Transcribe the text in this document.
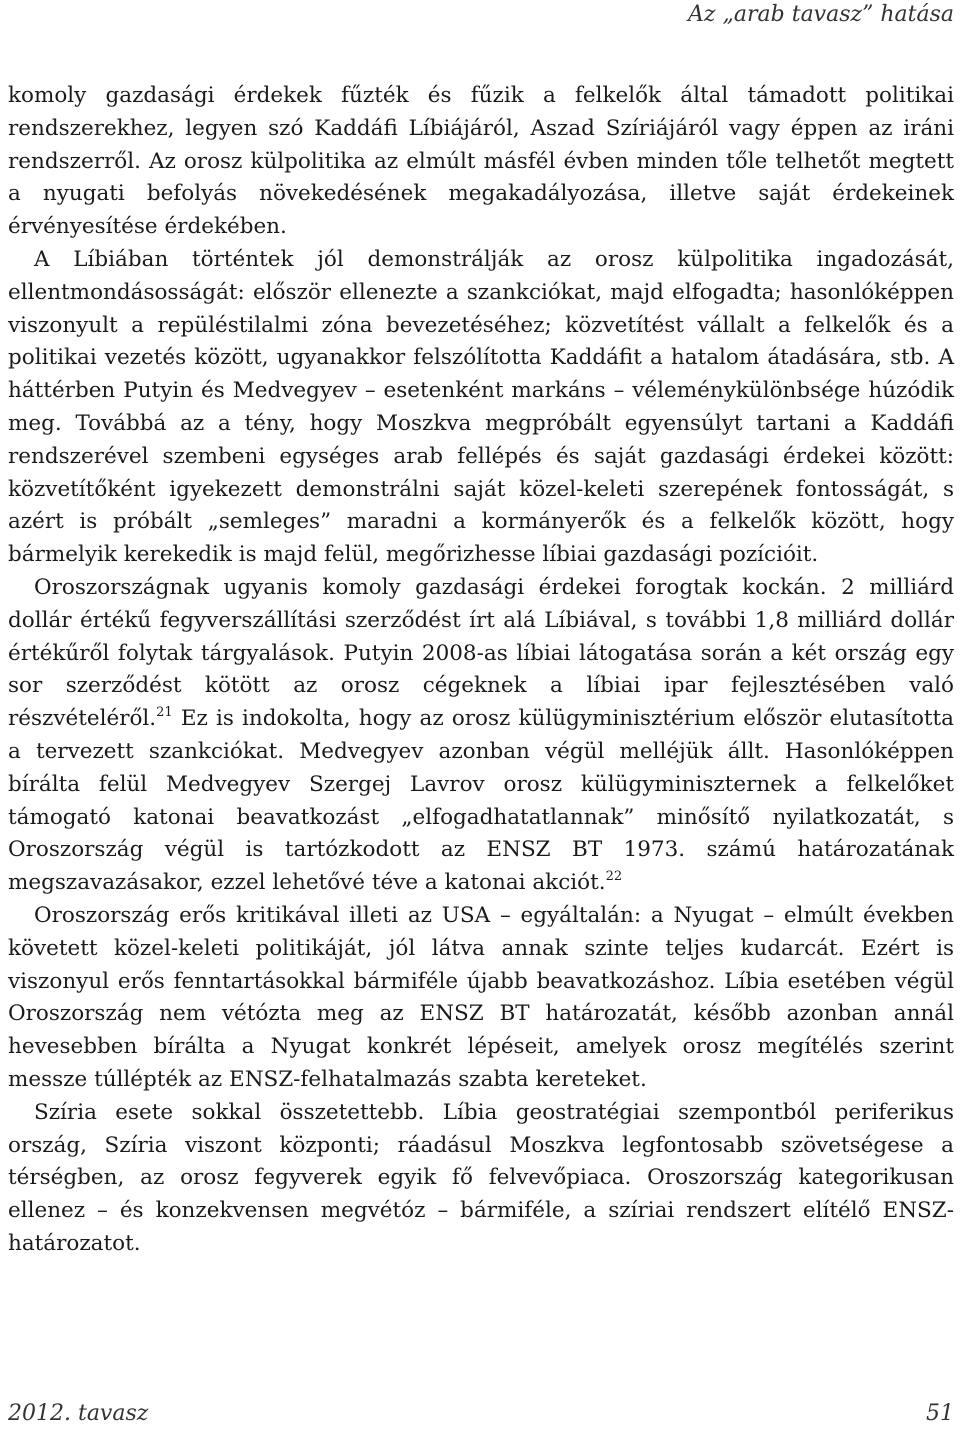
Az „arab tavasz” hatása

komoly gazdasági érdekek fűzték és fűzik a felkelők által támadott politikai rendszerekhez, legyen szó Kaddáfi Líbiájáról, Aszad Szíriájáról vagy éppen az iráni rendszerről. Az orosz külpolitika az elmúlt másfél évben minden tőle telhetőt megtett a nyugati befolyás növekedésének megakadályozása, illetve saját érdekeinek érvényesítése érdekében.

A Líbiában történtek jól demonstrálják az orosz külpolitika ingadozását, ellentmondásosságát: először ellenezte a szankciókat, majd elfogadta; hasonlóképpen viszonyult a repüléstilalmi zóna bevezetéséhez; közvetítést vállalt a felkelők és a politikai vezetés között, ugyanakkor felszólította Kaddáfit a hatalom átadására, stb. A háttérben Putyin és Medvegyev – esetenként markáns – véleménykülönbsége húzódik meg. Továbbá az a tény, hogy Moszkva megpróbált egyensúlyt tartani a Kaddáfi rendszerével szembeni egységes arab fellépés és saját gazdasági érdekei között: közvetítőként igyekezett demonstrálni saját közel-keleti szerepének fontosságát, s azért is próbált „semleges” maradni a kormányerők és a felkelők között, hogy bármelyik kerekedik is majd felül, megőrizhesse líbiai gazdasági pozícióit.

Oroszországnak ugyanis komoly gazdasági érdekei forogtak kockán. 2 milliárd dollár értékű fegyverszállítási szerződést írt alá Líbiával, s további 1,8 milliárd dollár értékűről folytak tárgyalások. Putyin 2008-as líbiai látogatása során a két ország egy sor szerződést kötött az orosz cégeknek a líbiai ipar fejlesztésében való részvételéről.$^{21}$ Ez is indokolta, hogy az orosz külügyminisztérium először elutasította a tervezett szankciókat. Medvegyev azonban végül melléjük állt. Hasonlóképpen bírálta felül Medvegyev Szergej Lavrov orosz külügyminiszternek a felkelőket támogató katonai beavatkozást „elfogadhatatlannak” minősítő nyilatkozatát, s Oroszország végül is tartózkodott az ENSZ BT 1973. számú határozatának megszavazásakor, ezzel lehetővé téve a katonai akciót.$^{22}$

Oroszország erős kritikával illeti az USA – egyáltalán: a Nyugat – elmúlt években követett közel-keleti politikáját, jól látva annak szinte teljes kudarcát. Ezért is viszonyul erős fenntartásokkal bármiféle újabb beavatkozáshoz. Líbia esetében végül Oroszország nem vétózta meg az ENSZ BT határozatát, később azonban annál hevesebben bírálta a Nyugat konkrét lépéseit, amelyek orosz megítélés szerint messze túllépték az ENSZ-felhatalmazás szabta kereteket.

Szíria esete sokkal összetettebb. Líbia geostratégiai szempontból periferikus ország, Szíria viszont központi; ráadásul Moszkva legfontosabb szövetségese a térségben, az orosz fegyverek egyik fő felvevőpiaca. Oroszország kategorikusan ellenez – és konzekvensen megvétóz – bármiféle, a szíriai rendszert elítélő ENSZ-határozatot.

2012. tavasz	51
